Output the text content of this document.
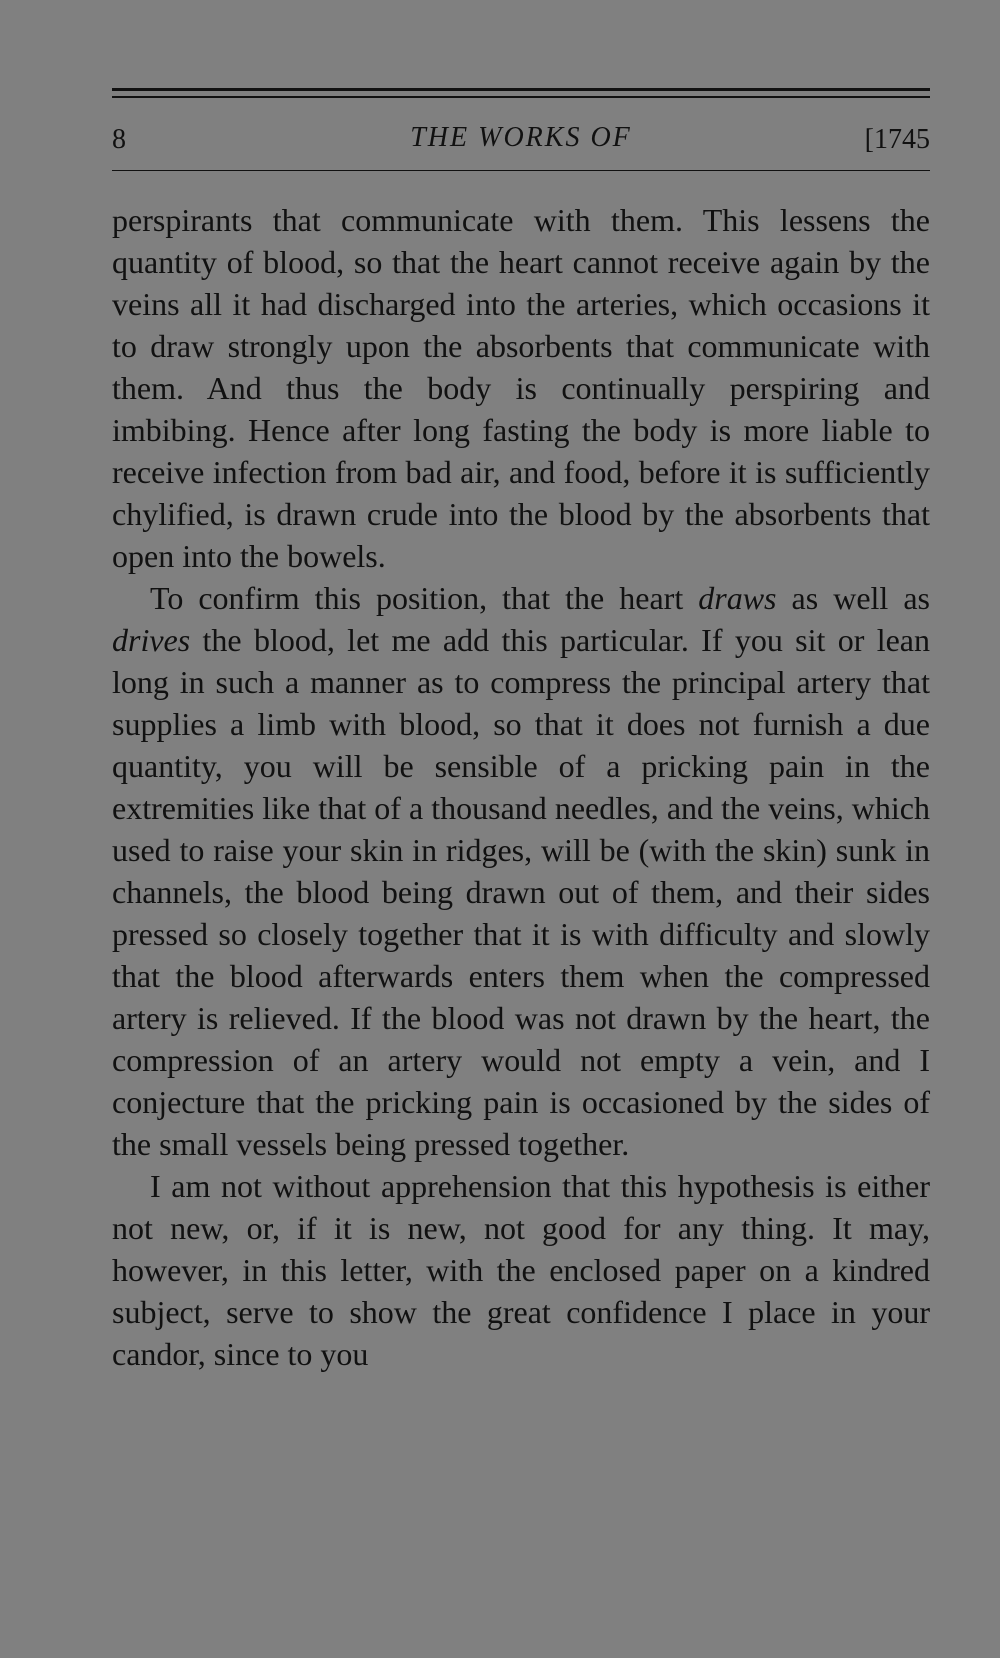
8	THE WORKS OF	[1745

perspirants that communicate with them. This lessens the quantity of blood, so that the heart cannot receive again by the veins all it had discharged into the arteries, which occasions it to draw strongly upon the absorbents that communicate with them. And thus the body is continually perspiring and imbibing. Hence after long fasting the body is more liable to receive infection from bad air, and food, before it is sufficiently chylified, is drawn crude into the blood by the absorbents that open into the bowels.

To confirm this position, that the heart draws as well as drives the blood, let me add this particular. If you sit or lean long in such a manner as to compress the principal artery that supplies a limb with blood, so that it does not furnish a due quantity, you will be sensible of a pricking pain in the extremities like that of a thousand needles, and the veins, which used to raise your skin in ridges, will be (with the skin) sunk in channels, the blood being drawn out of them, and their sides pressed so closely together that it is with difficulty and slowly that the blood afterwards enters them when the compressed artery is relieved. If the blood was not drawn by the heart, the compression of an artery would not empty a vein, and I conjecture that the pricking pain is occasioned by the sides of the small vessels being pressed together.

I am not without apprehension that this hypothesis is either not new, or, if it is new, not good for any thing. It may, however, in this letter, with the enclosed paper on a kindred subject, serve to show the great confidence I place in your candor, since to you
